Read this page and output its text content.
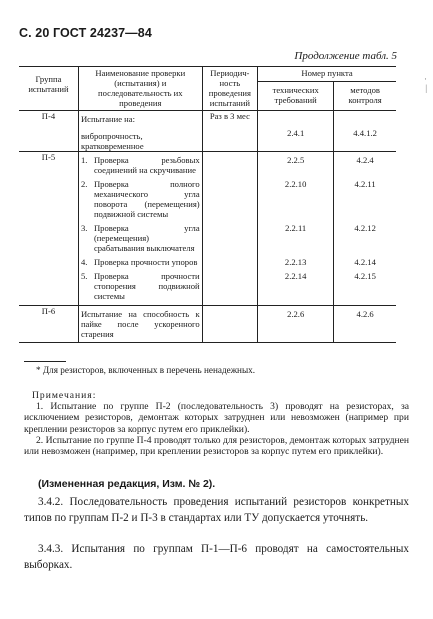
С. 20 ГОСТ 24237—84
Продолжение табл. 5
·
|
Группа испытаний	Наименование проверки (испытания) и последовательность их проведения	Периодич-ность проведения испытаний	Номер пункта	
			технических требований	методов контроля
П-4	Испытание на:	Раз в 3 мес		

	вибропрочность, кратковременное		2.4.1	4.4.1.2

П-5	1. Проверка резьбовых соединений на скручивание		2.2.5	4.2.4

	2. Проверка полного механического угла поворота (перемещения) подвижной системы		2.2.10	4.2.11

	3. Проверка угла (перемещения) срабатывания выключателя		2.2.11	4.2.12

	4. Проверка прочности упоров		2.2.13	4.2.14

	5. Проверка прочности стопорения подвижной системы		2.2.14	4.2.15

П-6	Испытание на способность к пайке после ускоренного старения		2.2.6	4.2.6
* Для резисторов, включенных в перечень ненадежных.
Примечания:

1. Испытание по группе П-2 (последовательность 3) проводят на резисторах, за исключением резисторов, демонтаж которых затруднен или невозможен (например при креплении резисторов за корпус путем его приклейки).

2. Испытание по группе П-4 проводят только для резисторов, демонтаж которых затруднен или невозможен (например, при креплении резисторов за корпус путем его приклейки).

(Измененная редакция, Изм. № 2).

3.4.2. Последовательность проведения испытаний резисторов конкретных типов по группам П-2 и П-3 в стандартах или ТУ допускается уточнять.

3.4.3. Испытания по группам П-1—П-6 проводят на самостоятельных выборках.
